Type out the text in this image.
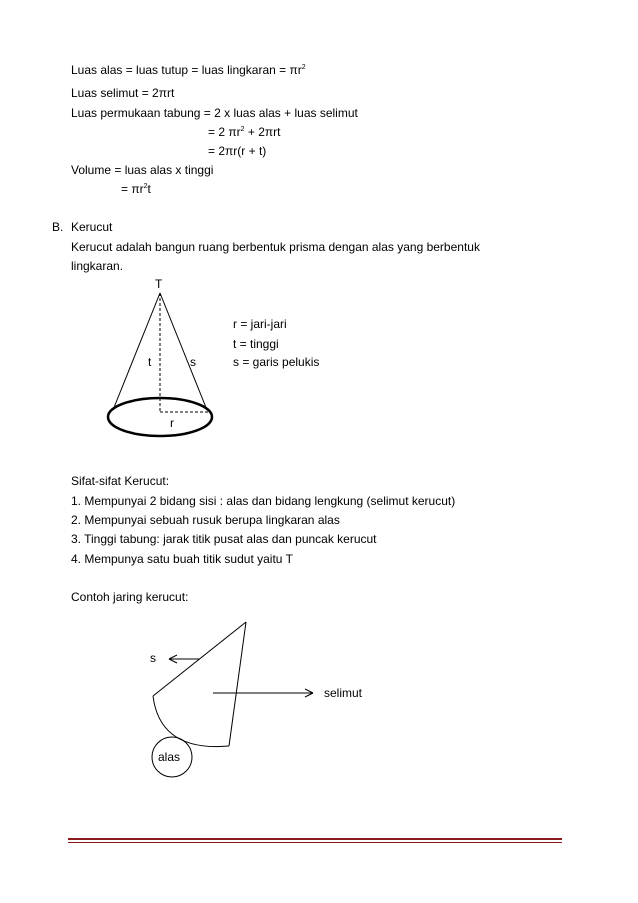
Luas alas = luas tutup = luas lingkaran = $\pi r^2$
Luas selimut = 2πrt
Luas permukaan tabung = 2 x luas alas + luas selimut
= 2 $\pi r^2 + 2\pi rt$
= 2πr(r + t)
Volume = luas alas x tinggi
= $\pi r^2t$
B. Kerucut
Kerucut adalah bangun ruang berbentuk prisma dengan alas yang berbentuk
lingkaran.
T
t	s
r
r = jari-jari
t = tinggi
s = garis pelukis
Sifat-sifat Kerucut:
1. Mempunyai 2 bidang sisi : alas dan bidang lengkung (selimut kerucut)
2. Mempunyai sebuah rusuk berupa lingkaran alas
3. Tinggi tabung: jarak titik pusat alas dan puncak kerucut
4. Mempunya satu buah titik sudut yaitu T
Contoh jaring kerucut:
s
selimut
alas
